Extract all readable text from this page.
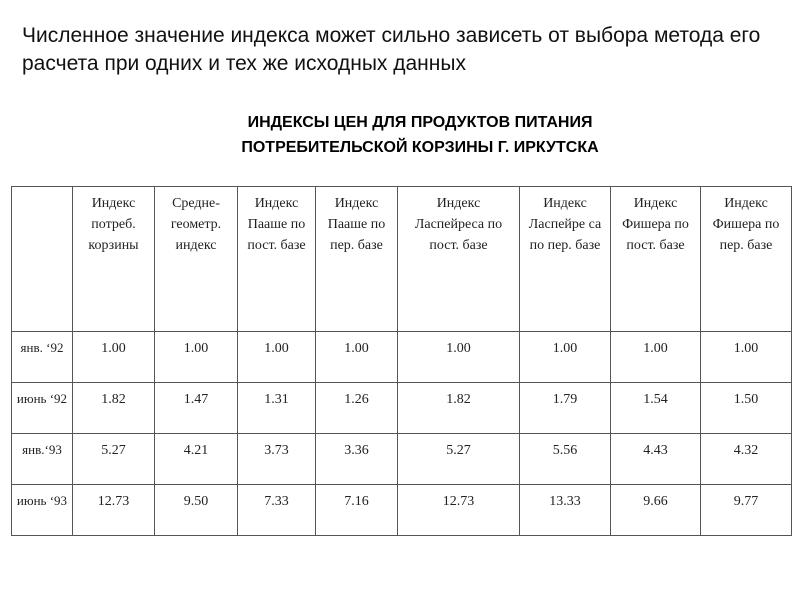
Численное значение индекса может сильно зависеть от выбора метода его расчета при одних и тех же исходных данных
ИНДЕКСЫ ЦЕН ДЛЯ ПРОДУКТОВ ПИТАНИЯ
ПОТРЕБИТЕЛЬСКОЙ КОРЗИНЫ Г. ИРКУТСКА
	Индекс потреб. корзины	Средне-геометр. индекс	Индекс Пааше по пост. базе	Индекс Пааше по пер. базе	Индекс Ласпейреса по пост. базе	Индекс Ласпейре са по пер. базе	Индекс Фишера по пост. базе	Индекс Фишера по пер. базе
янв. ‘92	1.00	1.00	1.00	1.00	1.00	1.00	1.00	1.00
июнь ‘92	1.82	1.47	1.31	1.26	1.82	1.79	1.54	1.50
янв.‘93	5.27	4.21	3.73	3.36	5.27	5.56	4.43	4.32
июнь ‘93	12.73	9.50	7.33	7.16	12.73	13.33	9.66	9.77
